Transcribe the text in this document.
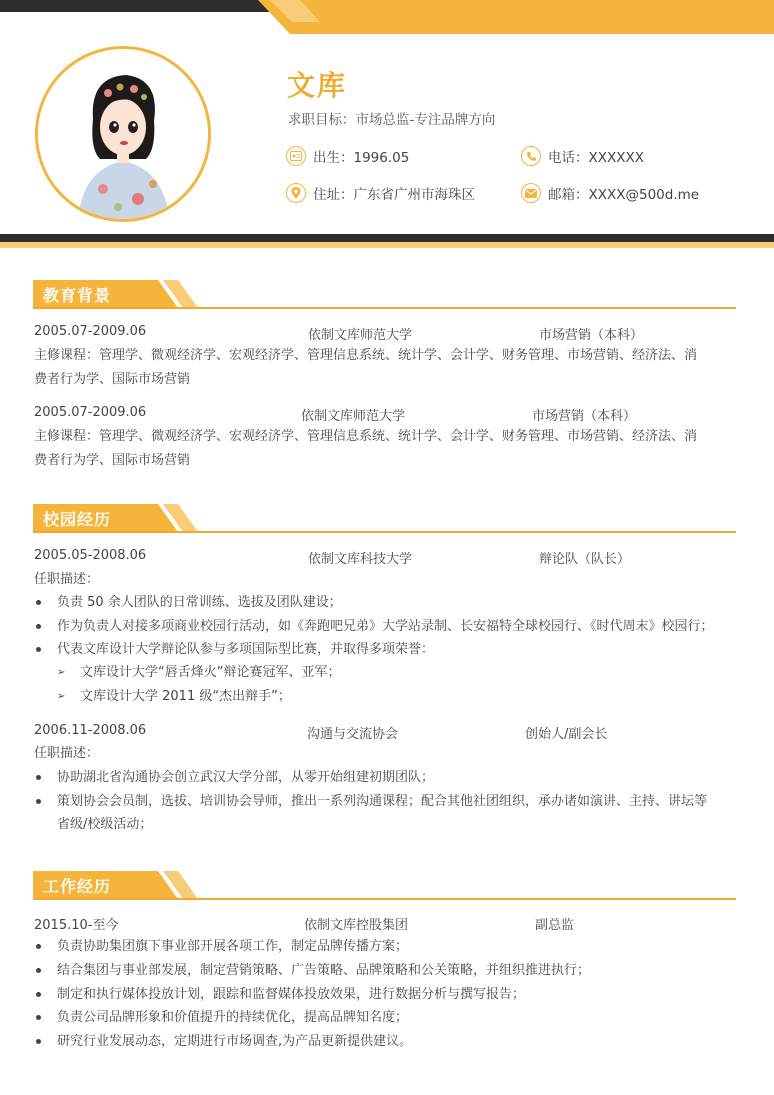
文库
求职目标：市场总监-专注品牌方向
出生：1996.05	电话：XXXXXX
住址：广东省广州市海珠区	邮箱：XXXX@500d.me
教育背景
2005.07-2009.06	依制文库师范大学	市场营销（本科）
主修课程：管理学、微观经济学、宏观经济学、管理信息系统、统计学、会计学、财务管理、市场营销、经济法、消
费者行为学、国际市场营销
2005.07-2009.06	依制文库师范大学	市场营销（本科）
主修课程：管理学、微观经济学、宏观经济学、管理信息系统、统计学、会计学、财务管理、市场营销、经济法、消
费者行为学、国际市场营销
校园经历
2005.05-2008.06	依制文库科技大学	辩论队（队长）
任职描述：
负责 50 余人团队的日常训练、选拔及团队建设；
作为负责人对接多项商业校园行活动，如《奔跑吧兄弟》大学站录制、长安福特全球校园行、《时代周末》校园行；
代表文库设计大学辩论队参与多项国际型比赛，并取得多项荣誉：
➢ 文库设计大学“唇舌烽火”辩论赛冠军、亚军；
➢ 文库设计大学 2011 级“杰出辩手”；
2006.11-2008.06	沟通与交流协会	创始人/副会长
任职描述：
协助湖北省沟通协会创立武汉大学分部，从零开始组建初期团队；
策划协会会员制，选拔、培训协会导师，推出一系列沟通课程；配合其他社团组织，承办诸如演讲、主持、讲坛等
省级/校级活动；
工作经历
2015.10-至今	依制文库控股集团	副总监
负责协助集团旗下事业部开展各项工作，制定品牌传播方案；
结合集团与事业部发展，制定营销策略、广告策略、品牌策略和公关策略，并组织推进执行；
制定和执行媒体投放计划，跟踪和监督媒体投放效果，进行数据分析与撰写报告；
负责公司品牌形象和价值提升的持续优化，提高品牌知名度；
研究行业发展动态，定期进行市场调查,为产品更新提供建议。
